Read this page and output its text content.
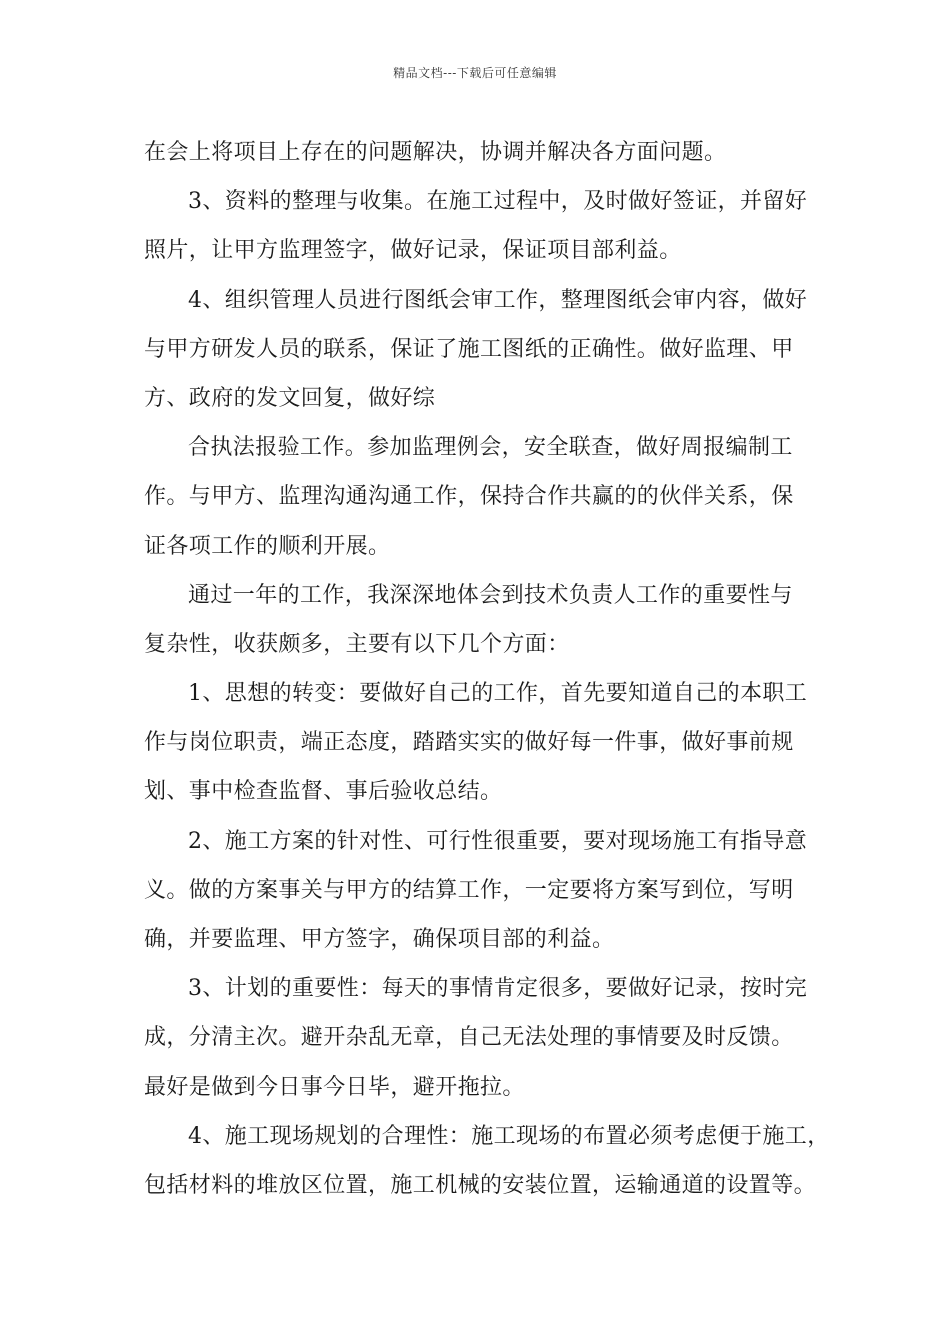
精品文档---下载后可任意编辑
在会上将项目上存在的问题解决，协调并解决各方面问题。
3、资料的整理与收集。在施工过程中，及时做好签证，并留好
照片，让甲方监理签字，做好记录，保证项目部利益。
4、组织管理人员进行图纸会审工作，整理图纸会审内容，做好
与甲方研发人员的联系，保证了施工图纸的正确性。做好监理、甲
方、政府的发文回复，做好综
合执法报验工作。参加监理例会，安全联查，做好周报编制工
作。与甲方、监理沟通沟通工作，保持合作共赢的的伙伴关系，保
证各项工作的顺利开展。
通过一年的工作，我深深地体会到技术负责人工作的重要性与
复杂性，收获颇多，主要有以下几个方面：
1、思想的转变：要做好自己的工作，首先要知道自己的本职工
作与岗位职责，端正态度，踏踏实实的做好每一件事，做好事前规
划、事中检查监督、事后验收总结。
2、施工方案的针对性、可行性很重要，要对现场施工有指导意
义。做的方案事关与甲方的结算工作，一定要将方案写到位，写明
确，并要监理、甲方签字，确保项目部的利益。
3、计划的重要性：每天的事情肯定很多，要做好记录，按时完
成，分清主次。避开杂乱无章，自己无法处理的事情要及时反馈。
最好是做到今日事今日毕，避开拖拉。
4、施工现场规划的合理性：施工现场的布置必须考虑便于施工，
包括材料的堆放区位置，施工机械的安装位置，运输通道的设置等。
